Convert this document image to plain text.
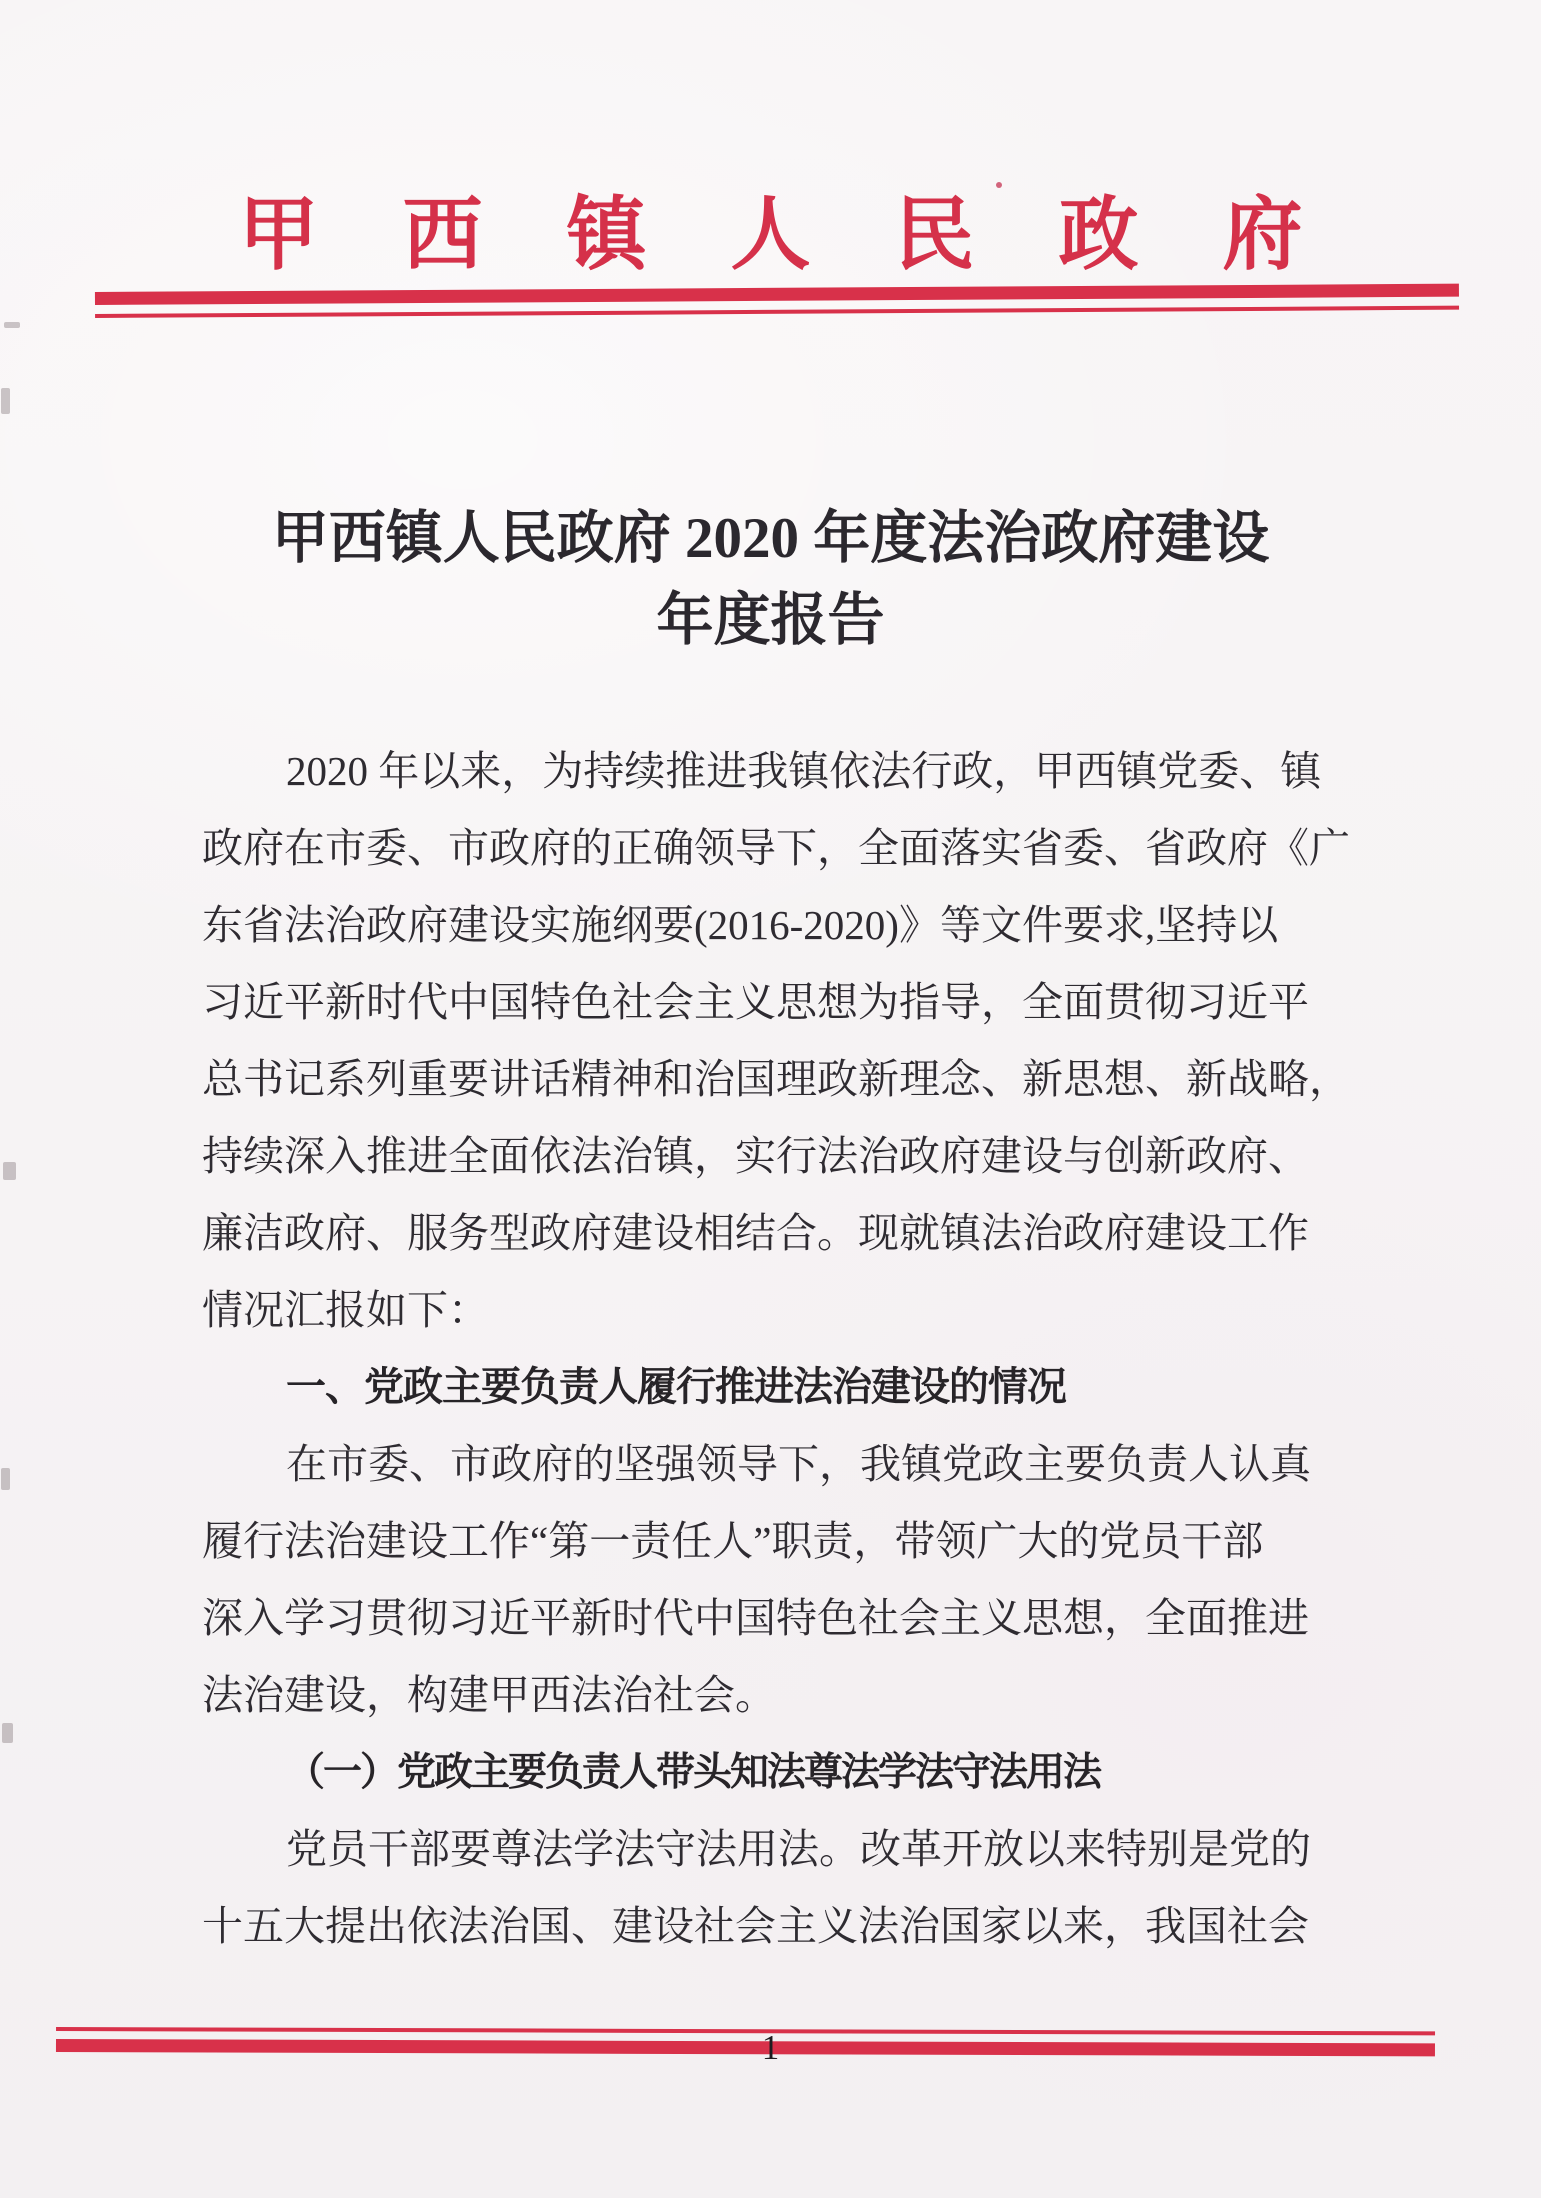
甲西镇人民政府
甲西镇人民政府 2020 年度法治政府建设
年度报告
2020 年以来，为持续推进我镇依法行政，甲西镇党委、镇
政府在市委、市政府的正确领导下，全面落实省委、省政府《广
东省法治政府建设实施纲要(2016-2020)》等文件要求,坚持以
习近平新时代中国特色社会主义思想为指导，全面贯彻习近平
总书记系列重要讲话精神和治国理政新理念、新思想、新战略，
持续深入推进全面依法治镇，实行法治政府建设与创新政府、
廉洁政府、服务型政府建设相结合。现就镇法治政府建设工作
情况汇报如下：
一、党政主要负责人履行推进法治建设的情况
在市委、市政府的坚强领导下，我镇党政主要负责人认真
履行法治建设工作“第一责任人”职责，带领广大的党员干部
深入学习贯彻习近平新时代中国特色社会主义思想，全面推进
法治建设，构建甲西法治社会。
（一）党政主要负责人带头知法尊法学法守法用法
党员干部要尊法学法守法用法。改革开放以来特别是党的
十五大提出依法治国、建设社会主义法治国家以来，我国社会
1
